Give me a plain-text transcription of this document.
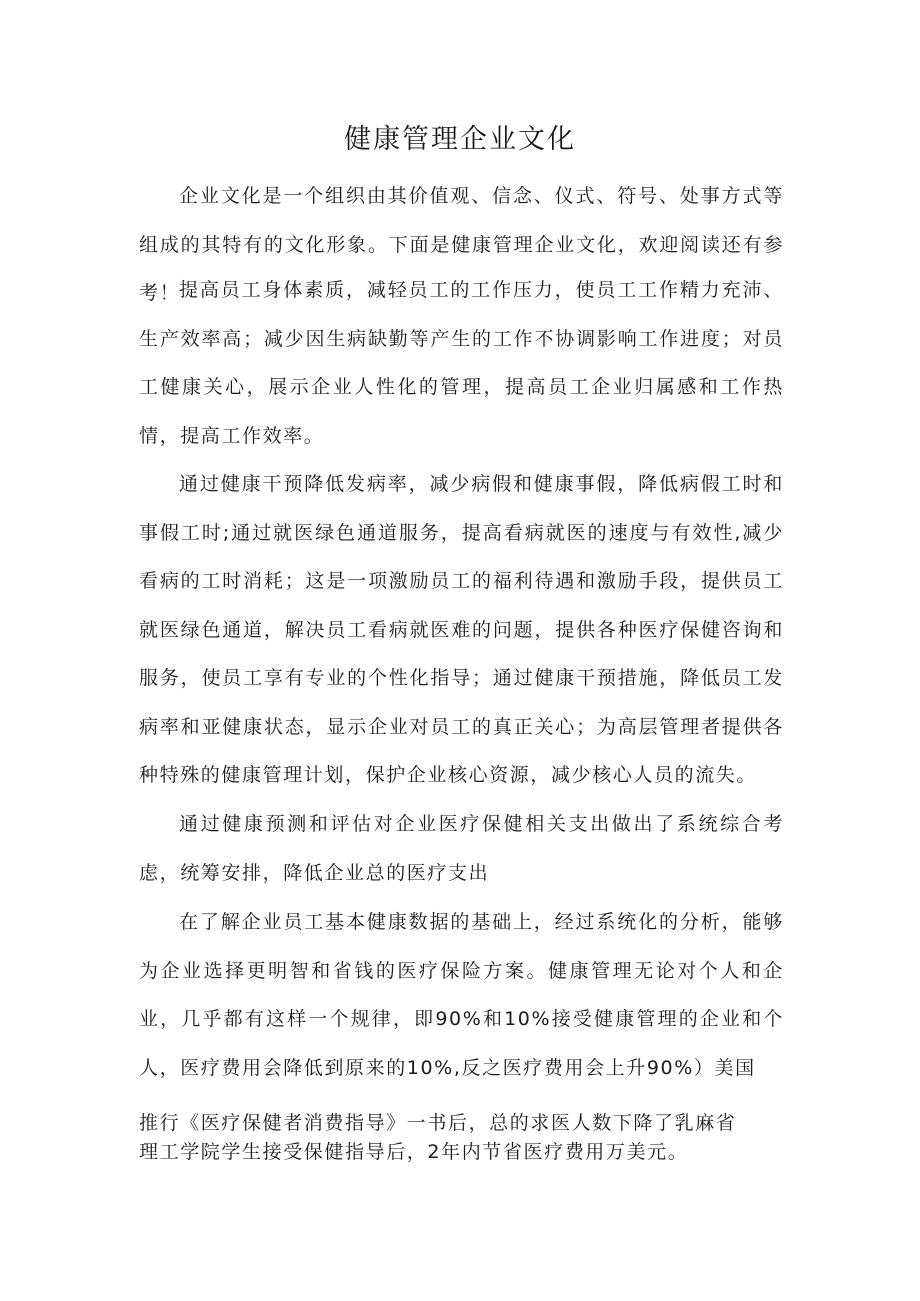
健康管理企业文化

企业文化是一个组织由其价值观、信念、仪式、符号、处事方式等组成的其特有的文化形象。下面是健康管理企业文化，欢迎阅读还有参考！

提高员工身体素质，减轻员工的工作压力，使员工工作精力充沛、生产效率高；减少因生病缺勤等产生的工作不协调影响工作进度；对员工健康关心，展示企业人性化的管理，提高员工企业归属感和工作热情，提高工作效率。

通过健康干预降低发病率，减少病假和健康事假，降低病假工时和事假工时;通过就医绿色通道服务，提高看病就医的速度与有效性,减少看病的工时消耗；这是一项激励员工的福利待遇和激励手段，提供员工就医绿色通道，解决员工看病就医难的问题，提供各种医疗保健咨询和服务，使员工享有专业的个性化指导；通过健康干预措施，降低员工发病率和亚健康状态，显示企业对员工的真正关心；为高层管理者提供各种特殊的健康管理计划，保护企业核心资源，减少核心人员的流失。

通过健康预测和评估对企业医疗保健相关支出做出了系统综合考虑，统筹安排，降低企业总的医疗支出

在了解企业员工基本健康数据的基础上，经过系统化的分析，能够为企业选择更明智和省钱的医疗保险方案。健康管理无论对个人和企业，几乎都有这样一个规律，即90%和10%接受健康管理的企业和个人，医疗费用会降低到原来的10%,反之医疗费用会上升90%）美国

推行《医疗保健者消费指导》一书后，总的求医人数下降了乳麻省

理工学院学生接受保健指导后，2年内节省医疗费用万美元。
